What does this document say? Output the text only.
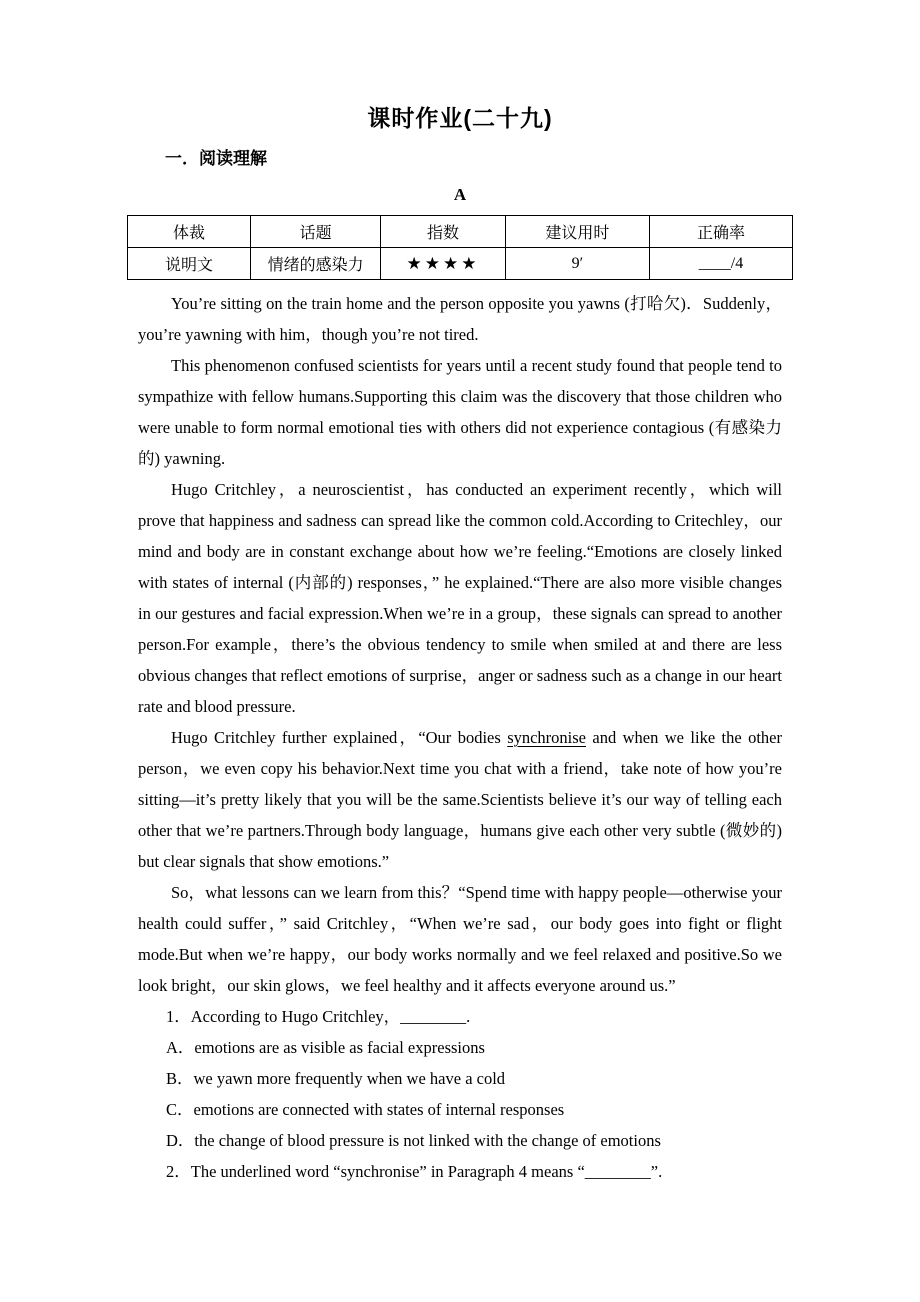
课时作业(二十九)
一．阅读理解
A
体裁	话题	指数	建议用时	正确率
说明文	情绪的感染力	★★★★	9′	____/4

You’re sitting on the train home and the person opposite you yawns (打哈欠)．Suddenly，you’re yawning with him，though you’re not tired.

This phenomenon confused scientists for years until a recent study found that people tend to sympathize with fellow humans.Supporting this claim was the discovery that those children who were unable to form normal emotional ties with others did not experience contagious (有感染力的) yawning.

Hugo Critchley，a neuroscientist，has conducted an experiment recently，which will prove that happiness and sadness can spread like the common cold.According to Critechley，our mind and body are in constant exchange about how we’re feeling.“Emotions are closely linked with states of internal (内部的) responses，” he explained.“There are also more visible changes in our gestures and facial expression.When we’re in a group，these signals can spread to another person.For example，there’s the obvious tendency to smile when smiled at and there are less obvious changes that reflect emotions of surprise，anger or sadness such as a change in our heart rate and blood pressure.

Hugo Critchley further explained，“Our bodies synchronise and when we like the other person，we even copy his behavior.Next time you chat with a friend，take note of how you’re sitting—it’s pretty likely that you will be the same.Scientists believe it’s our way of telling each other that we’re partners.Through body language，humans give each other very subtle (微妙的) but clear signals that show emotions.”

So，what lessons can we learn from this？“Spend time with happy people—otherwise your health could suffer，” said Critchley，“When we’re sad，our body goes into fight or flight mode.But when we’re happy，our body works normally and we feel relaxed and positive.So we look bright，our skin glows，we feel healthy and it affects everyone around us.”

1．According to Hugo Critchley，________.
A．emotions are as visible as facial expressions
B．we yawn more frequently when we have a cold
C．emotions are connected with states of internal responses
D．the change of blood pressure is not linked with the change of emotions
2．The underlined word “synchronise” in Paragraph 4 means “________”.
